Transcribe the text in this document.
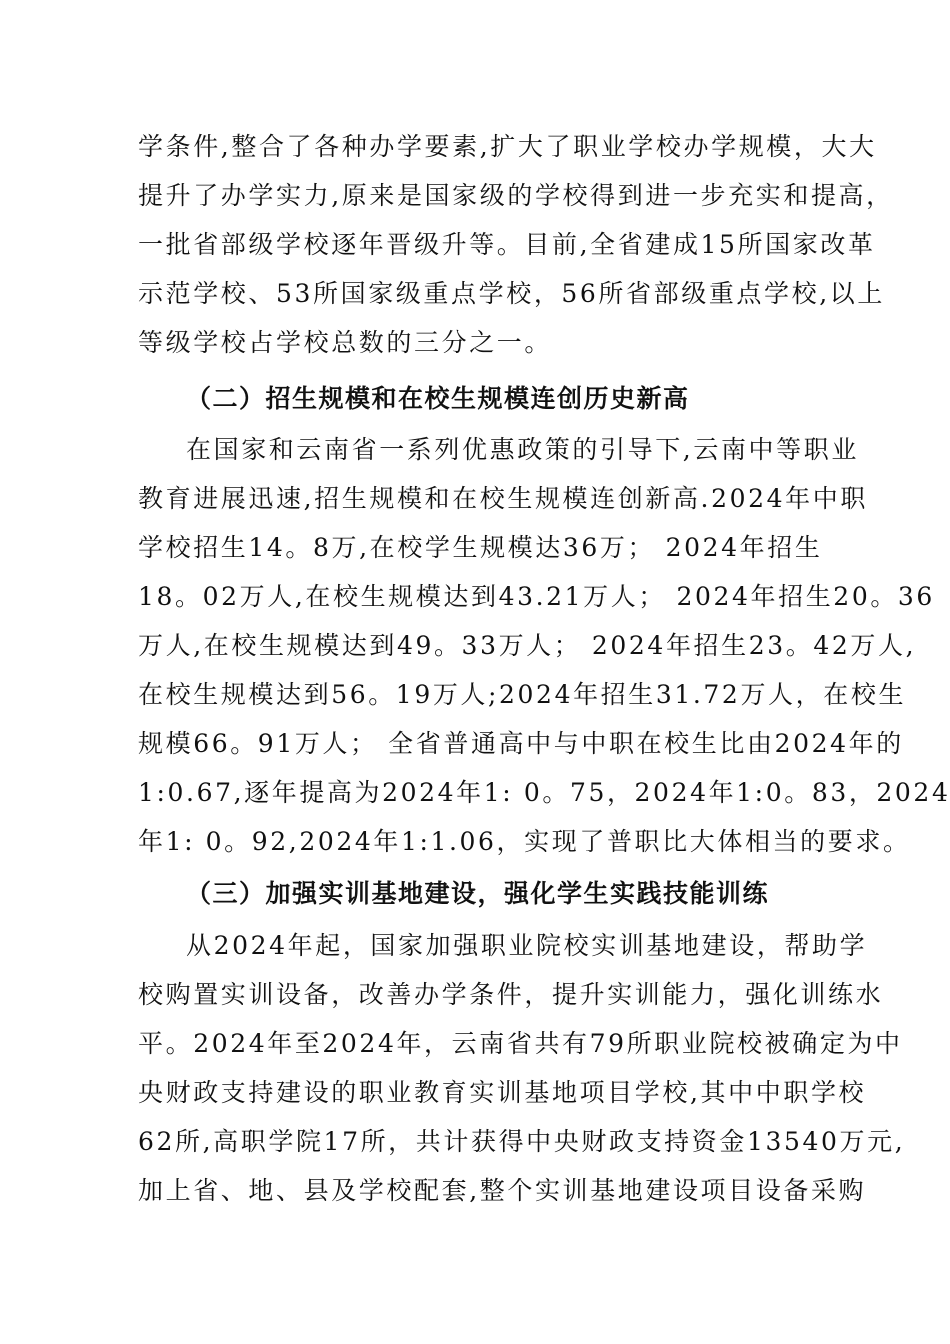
学条件,整合了各种办学要素,扩大了职业学校办学规模，大大
提升了办学实力,原来是国家级的学校得到进一步充实和提高，
一批省部级学校逐年晋级升等。目前,全省建成15所国家改革
示范学校、53所国家级重点学校，56所省部级重点学校,以上
等级学校占学校总数的三分之一。
（二）招生规模和在校生规模连创历史新高
在国家和云南省一系列优惠政策的引导下,云南中等职业
教育进展迅速,招生规模和在校生规模连创新高.2024年中职
学校招生14。8万,在校学生规模达36万； 2024年招生
18。02万人,在校生规模达到43.21万人； 2024年招生20。36
万人,在校生规模达到49。33万人； 2024年招生23。42万人,
在校生规模达到56。19万人;2024年招生31.72万人，在校生
规模66。91万人； 全省普通高中与中职在校生比由2024年的
1:0.67,逐年提高为2024年1: 0。75，2024年1:0。83，2024
年1: 0。92,2024年1:1.06，实现了普职比大体相当的要求。
（三）加强实训基地建设，强化学生实践技能训练
从2024年起，国家加强职业院校实训基地建设，帮助学
校购置实训设备，改善办学条件，提升实训能力，强化训练水
平。2024年至2024年，云南省共有79所职业院校被确定为中
央财政支持建设的职业教育实训基地项目学校,其中中职学校
62所,高职学院17所，共计获得中央财政支持资金13540万元,
加上省、地、县及学校配套,整个实训基地建设项目设备采购
